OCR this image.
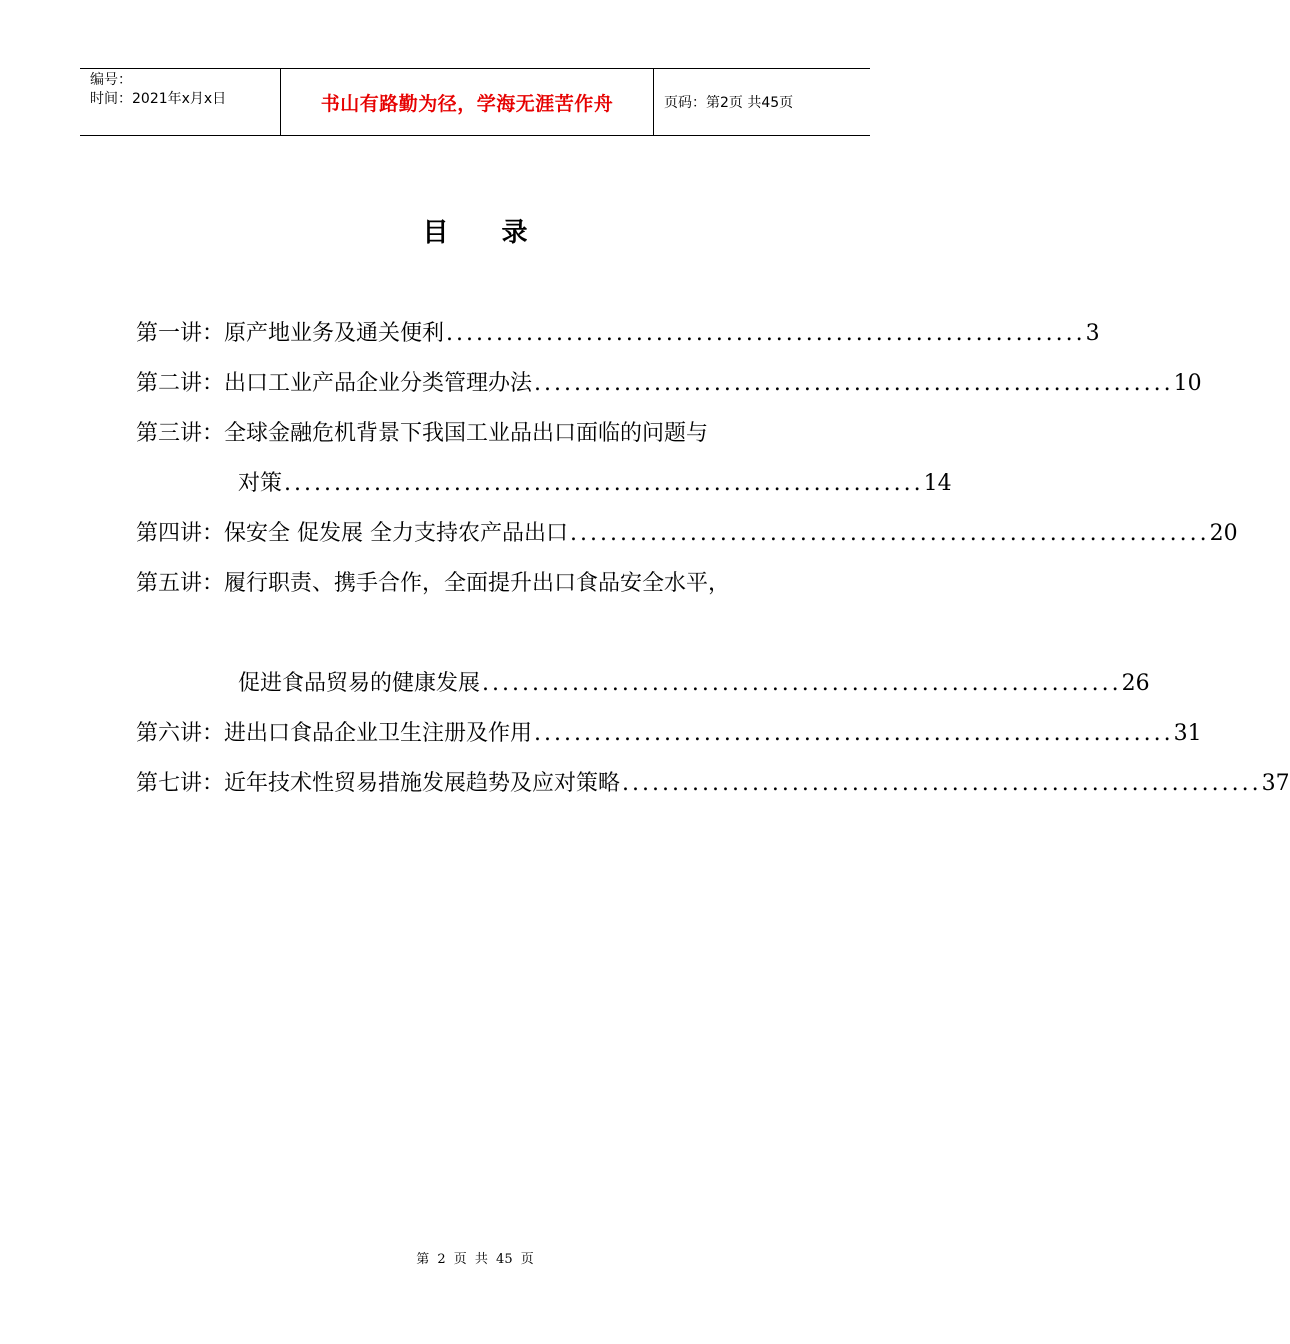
编号：
时间：2021年x月x日	书山有路勤为径，学海无涯苦作舟	页码：第2页 共45页
目 录
第一讲： 原产地业务及通关便利 ................................................................ 3
第二讲： 出口工业产品企业分类管理办法 ................................................................ 10
第三讲： 全球金融危机背景下我国工业品出口面临的问题与
对策 ................................................................ 14
第四讲： 保安全 促发展 全力支持农产品出口 ................................................................ 20
第五讲： 履行职责、携手合作，全面提升出口食品安全水平，
促进食品贸易的健康发展 ................................................................ 26
第六讲： 进出口食品企业卫生注册及作用 ................................................................ 31
第七讲： 近年技术性贸易措施发展趋势及应对策略 ................................................................ 37
第 2 页 共 45 页
